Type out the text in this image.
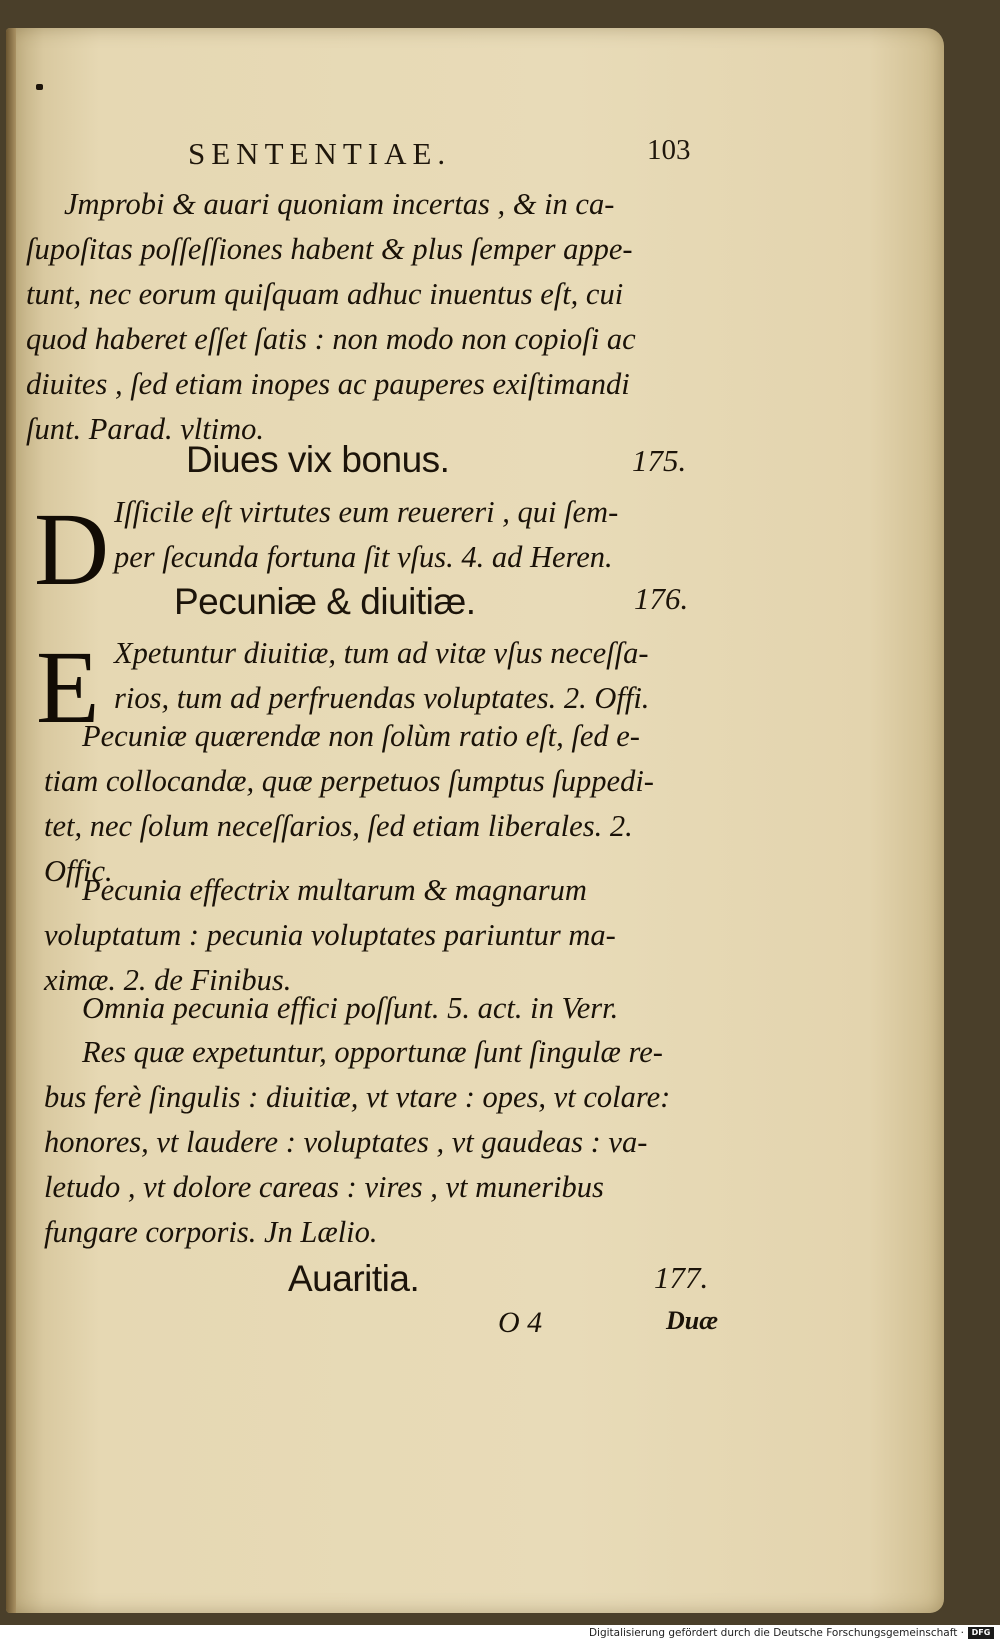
SENTENTIAE.	103
Jmprobi & auari quoniam incertas , & in ca-
ſupoſitas poſſeſſiones habent & plus ſemper appe-
tunt, nec eorum quiſquam adhuc inuentus eſt, cui
quod haberet eſſet ſatis : non modo non copioſi ac
diuites , ſed etiam inopes ac pauperes exiſtimandi
ſunt. Parad. vltimo.
Diues vix bonus.	175.
D Iſſicile eſt virtutes eum reuereri , qui ſem-
per ſecunda fortuna ſit vſus. 4. ad Heren.
Pecuniæ & diuitiæ.	176.
E Xpetuntur diuitiæ, tum ad vitæ vſus neceſſa-
rios, tum ad perfruendas voluptates. 2. Offi.
Pecuniæ quærendæ non ſolùm ratio eſt, ſed e-
tiam collocandæ, quæ perpetuos ſumptus ſuppedi-
tet, nec ſolum neceſſarios, ſed etiam liberales. 2.
Offic.
Pecunia effectrix multarum & magnarum
voluptatum : pecunia voluptates pariuntur ma-
ximæ. 2. de Finibus.
Omnia pecunia effici poſſunt. 5. act. in Verr.
Res quæ expetuntur, opportunæ ſunt ſingulæ re-
bus ferè ſingulis : diuitiæ, vt vtare : opes, vt colare:
honores, vt laudere : voluptates , vt gaudeas : va-
letudo , vt dolore careas : vires , vt muneribus
fungare corporis. Jn Lælio.
Auaritia.	177.
O 4	Duæ
Digitalisierung gefördert durch die Deutsche Forschungsgemeinschaft · DFG
